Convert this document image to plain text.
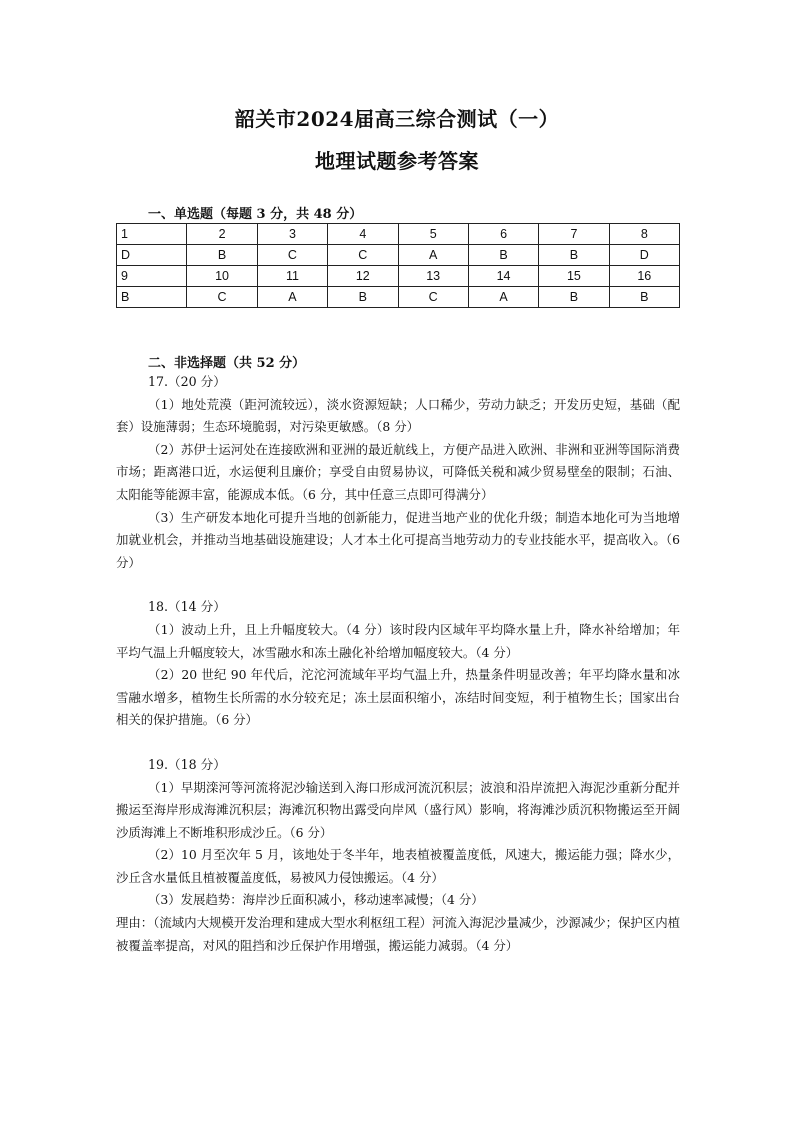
韶关市2024届高三综合测试（一）
地理试题参考答案
一、单选题（每题 3 分，共 48 分）
1	2	3	4	5	6	7	8
D	B	C	C	A	B	B	D
9	10	11	12	13	14	15	16
B	C	A	B	C	A	B	B
二、非选择题（共 52 分）

17.（20 分）

（1）地处荒漠（距河流较远），淡水资源短缺；人口稀少，劳动力缺乏；开发历史短，基础（配套）设施薄弱；生态环境脆弱，对污染更敏感。（8 分）

（2）苏伊士运河处在连接欧洲和亚洲的最近航线上，方便产品进入欧洲、非洲和亚洲等国际消费市场；距离港口近，水运便利且廉价；享受自由贸易协议，可降低关税和减少贸易壁垒的限制；石油、太阳能等能源丰富，能源成本低。（6 分，其中任意三点即可得满分）

（3）生产研发本地化可提升当地的创新能力，促进当地产业的优化升级；制造本地化可为当地增加就业机会，并推动当地基础设施建设；人才本土化可提高当地劳动力的专业技能水平，提高收入。（6 分）

18.（14 分）

（1）波动上升，且上升幅度较大。（4 分）该时段内区域年平均降水量上升，降水补给增加；年平均气温上升幅度较大，冰雪融水和冻土融化补给增加幅度较大。（4 分）

（2）20 世纪 90 年代后，沱沱河流域年平均气温上升，热量条件明显改善；年平均降水量和冰雪融水增多，植物生长所需的水分较充足；冻土层面积缩小，冻结时间变短，利于植物生长；国家出台相关的保护措施。（6 分）

19.（18 分）

（1）早期滦河等河流将泥沙输送到入海口形成河流沉积层；波浪和沿岸流把入海泥沙重新分配并搬运至海岸形成海滩沉积层；海滩沉积物出露受向岸风（盛行风）影响，将海滩沙质沉积物搬运至开阔沙质海滩上不断堆积形成沙丘。（6 分）

（2）10 月至次年 5 月，该地处于冬半年，地表植被覆盖度低，风速大，搬运能力强；降水少，沙丘含水量低且植被覆盖度低，易被风力侵蚀搬运。（4 分）

（3）发展趋势：海岸沙丘面积减小，移动速率减慢；（4 分）

理由：（流域内大规模开发治理和建成大型水利枢纽工程）河流入海泥沙量减少，沙源减少；保护区内植被覆盖率提高，对风的阻挡和沙丘保护作用增强，搬运能力减弱。（4 分）
